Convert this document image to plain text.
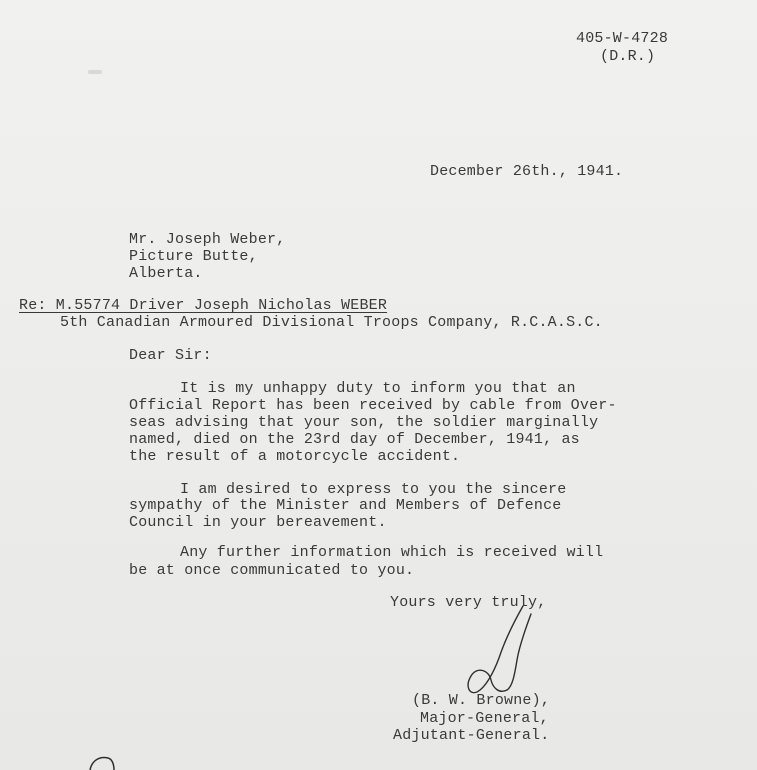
405-W-4728
(D.R.)
December 26th., 1941.
Mr. Joseph Weber,
Picture Butte,
Alberta.
Re: M.55774 Driver Joseph Nicholas WEBER
5th Canadian Armoured Divisional Troops Company, R.C.A.S.C.
Dear Sir:
It is my unhappy duty to inform you that an
Official Report has been received by cable from Over-
seas advising that your son, the soldier marginally
named, died on the 23rd day of December, 1941, as
the result of a motorcycle accident.
I am desired to express to you the sincere
sympathy of the Minister and Members of Defence
Council in your bereavement.
Any further information which is received will
be at once communicated to you.
Yours very truly,
(B. W. Browne),
Major-General,
Adjutant-General.
